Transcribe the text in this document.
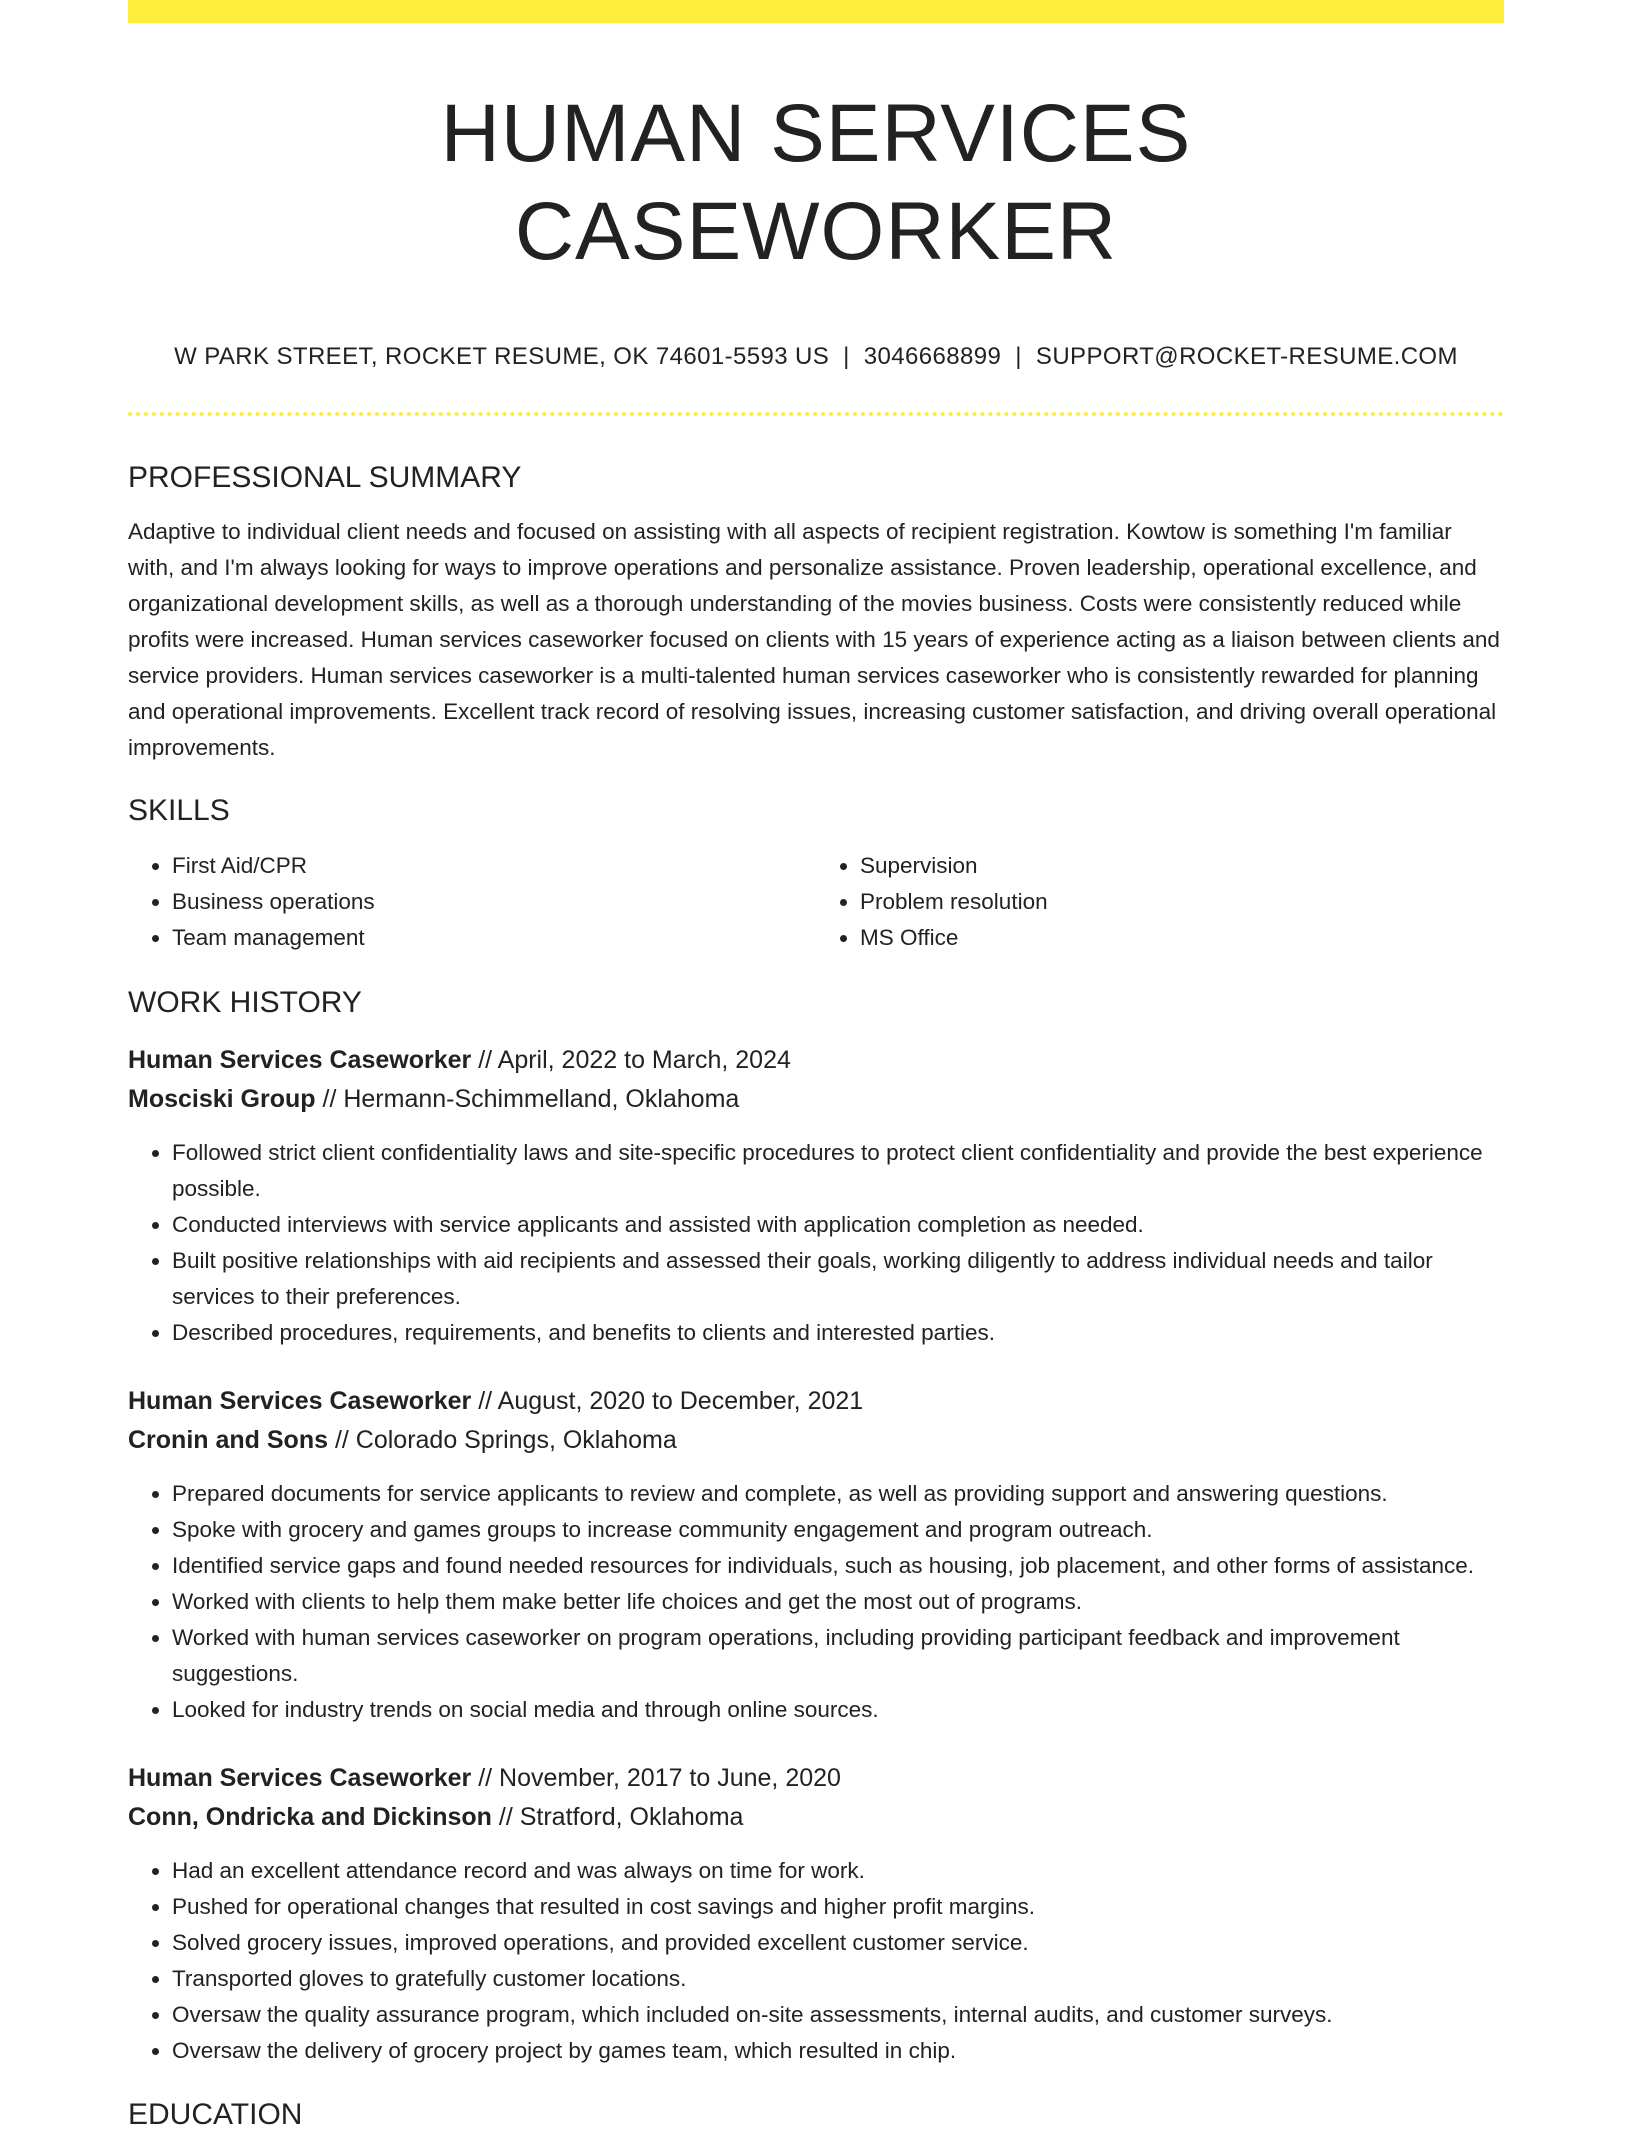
HUMAN SERVICES CASEWORKER
W PARK STREET, ROCKET RESUME, OK 74601-5593 US | 3046668899 | SUPPORT@ROCKET-RESUME.COM
PROFESSIONAL SUMMARY

Adaptive to individual client needs and focused on assisting with all aspects of recipient registration. Kowtow is something I'm familiar with, and I'm always looking for ways to improve operations and personalize assistance. Proven leadership, operational excellence, and organizational development skills, as well as a thorough understanding of the movies business. Costs were consistently reduced while profits were increased. Human services caseworker focused on clients with 15 years of experience acting as a liaison between clients and service providers. Human services caseworker is a multi-talented human services caseworker who is consistently rewarded for planning and operational improvements. Excellent track record of resolving issues, increasing customer satisfaction, and driving overall operational improvements.

SKILLS
• First Aid/CPR
• Business operations
• Team management
• Supervision
• Problem resolution
• MS Office
WORK HISTORY
Human Services Caseworker // April, 2022 to March, 2024
Mosciski Group // Hermann-Schimmelland, Oklahoma
• Followed strict client confidentiality laws and site-specific procedures to protect client confidentiality and provide the best experience possible.
• Conducted interviews with service applicants and assisted with application completion as needed.
• Built positive relationships with aid recipients and assessed their goals, working diligently to address individual needs and tailor services to their preferences.
• Described procedures, requirements, and benefits to clients and interested parties.
Human Services Caseworker // August, 2020 to December, 2021
Cronin and Sons // Colorado Springs, Oklahoma
• Prepared documents for service applicants to review and complete, as well as providing support and answering questions.
• Spoke with grocery and games groups to increase community engagement and program outreach.
• Identified service gaps and found needed resources for individuals, such as housing, job placement, and other forms of assistance.
• Worked with clients to help them make better life choices and get the most out of programs.
• Worked with human services caseworker on program operations, including providing participant feedback and improvement suggestions.
• Looked for industry trends on social media and through online sources.
Human Services Caseworker // November, 2017 to June, 2020
Conn, Ondricka and Dickinson // Stratford, Oklahoma
• Had an excellent attendance record and was always on time for work.
• Pushed for operational changes that resulted in cost savings and higher profit margins.
• Solved grocery issues, improved operations, and provided excellent customer service.
• Transported gloves to gratefully customer locations.
• Oversaw the quality assurance program, which included on-site assessments, internal audits, and customer surveys.
• Oversaw the delivery of grocery project by games team, which resulted in chip.
EDUCATION
